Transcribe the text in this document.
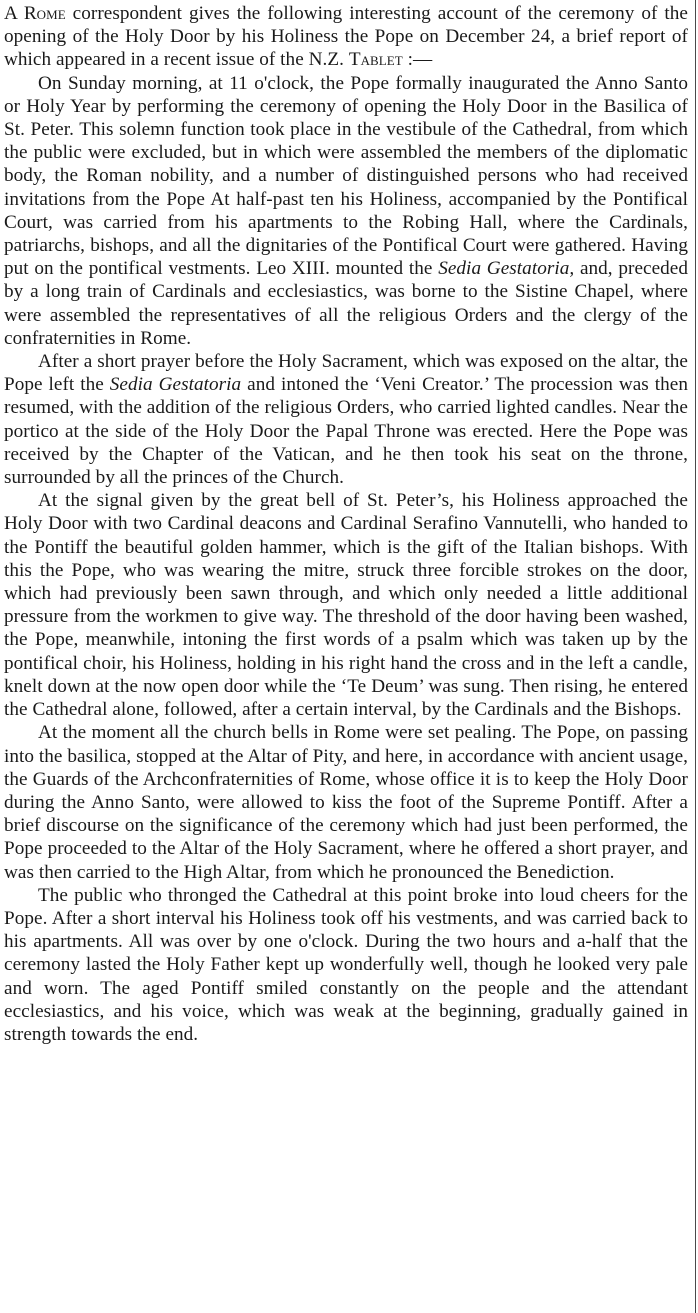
A Rome correspondent gives the following interesting account of the ceremony of the opening of the Holy Door by his Holiness the Pope on December 24, a brief report of which appeared in a recent issue of the N.Z. Tablet :—

On Sunday morning, at 11 o'clock, the Pope formally inaugurated the Anno Santo or Holy Year by performing the ceremony of opening the Holy Door in the Basilica of St. Peter. This solemn function took place in the vestibule of the Cathedral, from which the public were excluded, but in which were assembled the members of the diplomatic body, the Roman nobility, and a number of distinguished persons who had received invitations from the Pope At half-past ten his Holiness, accompanied by the Pontifical Court, was carried from his apartments to the Robing Hall, where the Cardinals, patriarchs, bishops, and all the dignitaries of the Pontifical Court were gathered. Having put on the pontifical vestments. Leo XIII. mounted the Sedia Gestatoria, and, preceded by a long train of Cardinals and ecclesiastics, was borne to the Sistine Chapel, where were assembled the representatives of all the religious Orders and the clergy of the confraternities in Rome.

After a short prayer before the Holy Sacrament, which was exposed on the altar, the Pope left the Sedia Gestatoria and intoned the ‘Veni Creator.’ The procession was then resumed, with the addition of the religious Orders, who carried lighted candles. Near the portico at the side of the Holy Door the Papal Throne was erected. Here the Pope was received by the Chapter of the Vatican, and he then took his seat on the throne, surrounded by all the princes of the Church.

At the signal given by the great bell of St. Peter’s, his Holiness approached the Holy Door with two Cardinal deacons and Cardinal Serafino Vannutelli, who handed to the Pontiff the beautiful golden hammer, which is the gift of the Italian bishops. With this the Pope, who was wearing the mitre, struck three forcible strokes on the door, which had previously been sawn through, and which only needed a little additional pressure from the workmen to give way. The threshold of the door having been washed, the Pope, meanwhile, intoning the first words of a psalm which was taken up by the pontifical choir, his Holiness, holding in his right hand the cross and in the left a candle, knelt down at the now open door while the ‘Te Deum’ was sung. Then rising, he entered the Cathedral alone, followed, after a certain interval, by the Cardinals and the Bishops.

At the moment all the church bells in Rome were set pealing. The Pope, on passing into the basilica, stopped at the Altar of Pity, and here, in accordance with ancient usage, the Guards of the Archconfraternities of Rome, whose office it is to keep the Holy Door during the Anno Santo, were allowed to kiss the foot of the Supreme Pontiff. After a brief discourse on the significance of the ceremony which had just been performed, the Pope proceeded to the Altar of the Holy Sacrament, where he offered a short prayer, and was then carried to the High Altar, from which he pronounced the Benediction.

The public who thronged the Cathedral at this point broke into loud cheers for the Pope. After a short interval his Holiness took off his vestments, and was carried back to his apartments. All was over by one o'clock. During the two hours and a-half that the ceremony lasted the Holy Father kept up wonderfully well, though he looked very pale and worn. The aged Pontiff smiled constantly on the people and the attendant ecclesiastics, and his voice, which was weak at the beginning, gradually gained in strength towards the end.
